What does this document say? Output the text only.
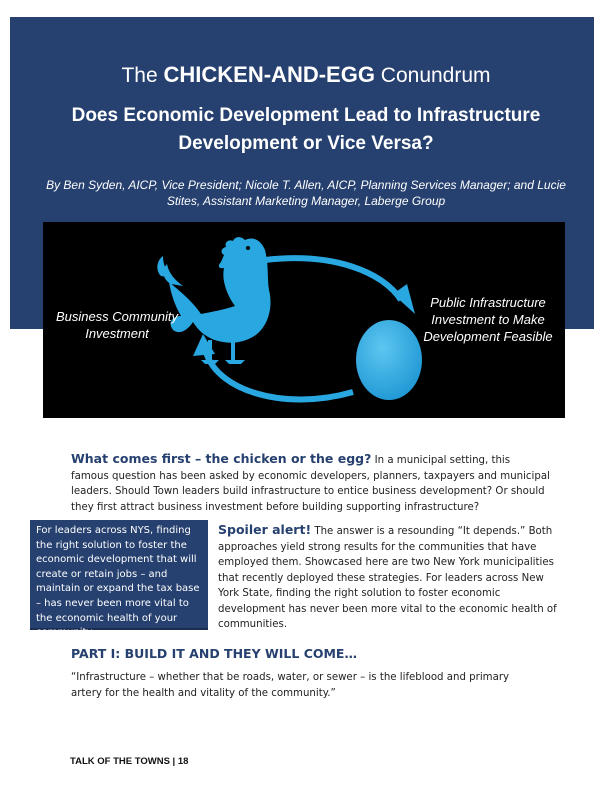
The CHICKEN-AND-EGG Conundrum
Does Economic Development Lead to Infrastructure Development or Vice Versa?
By Ben Syden, AICP, Vice President; Nicole T. Allen, AICP, Planning Services Manager; and Lucie Stites, Assistant Marketing Manager, Laberge Group
Business Community Investment
Public Infrastructure Investment to Make Development Feasible
What comes first – the chicken or the egg? In a municipal setting, this famous question has been asked by economic developers, planners, taxpayers and municipal leaders. Should Town leaders build infrastructure to entice business development? Or should they first attract business investment before building supporting infrastructure?
For leaders across NYS, finding the right solution to foster the economic development that will create or retain jobs – and maintain or expand the tax base – has never been more vital to the economic health of your community.
Spoiler alert! The answer is a resounding “It depends.” Both approaches yield strong results for the communities that have employed them. Showcased here are two New York municipalities that recently deployed these strategies. For leaders across New York State, finding the right solution to foster economic development has never been more vital to the economic health of communities.
PART I: BUILD IT AND THEY WILL COME…
“Infrastructure – whether that be roads, water, or sewer – is the lifeblood and primary artery for the health and vitality of the community.”
TALK OF THE TOWNS | 18
